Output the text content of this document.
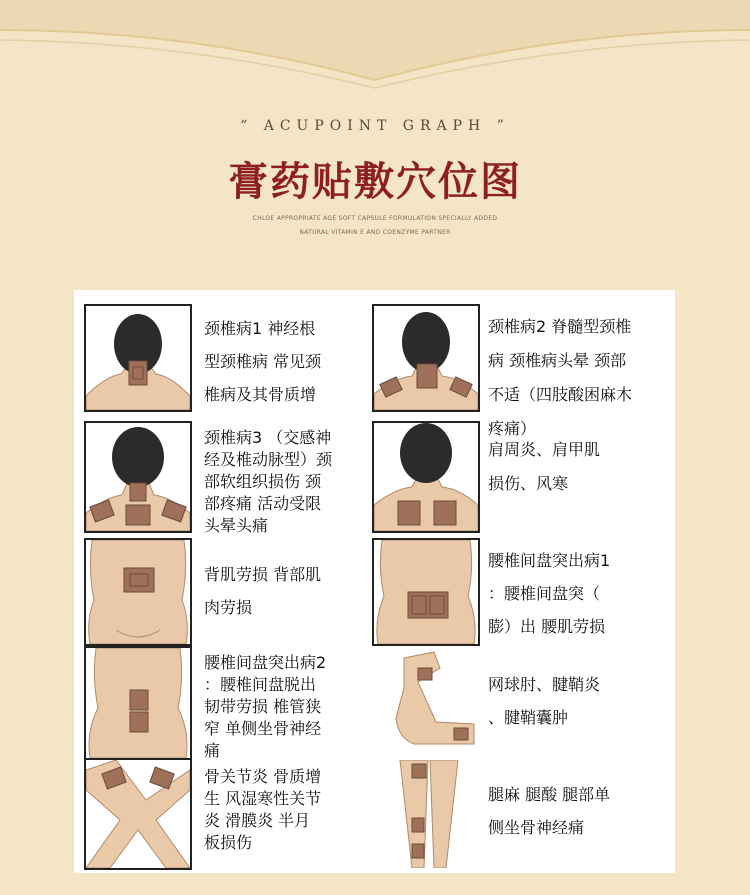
“ ACUPOINT GRAPH ”
膏药贴敷穴位图
CHLOE APPROPRIATE AGE SOFT CAPSULE FORMULATION SPECIALLY ADDED
NATURAL VITAMIN E AND COENZYME PARTNER
颈椎病1 神经根
型颈椎病 常见颈
椎病及其骨质增
颈椎病2 脊髓型颈椎
病 颈椎病头晕 颈部
不适（四肢酸困麻木
疼痛）
颈椎病3 （交感神
经及椎动脉型）颈
部软组织损伤 颈
部疼痛 活动受限
头晕头痛
肩周炎、肩甲肌
损伤、风寒
背肌劳损 背部肌
肉劳损
腰椎间盘突出病1
：腰椎间盘突（
膨）出 腰肌劳损
腰椎间盘突出病2
：腰椎间盘脱出
韧带劳损 椎管狭
窄 单侧坐骨神经
痛
网球肘、腱鞘炎
、腱鞘囊肿
骨关节炎 骨质增
生 风湿寒性关节
炎 滑膜炎 半月
板损伤
腿麻 腿酸 腿部单
侧坐骨神经痛
